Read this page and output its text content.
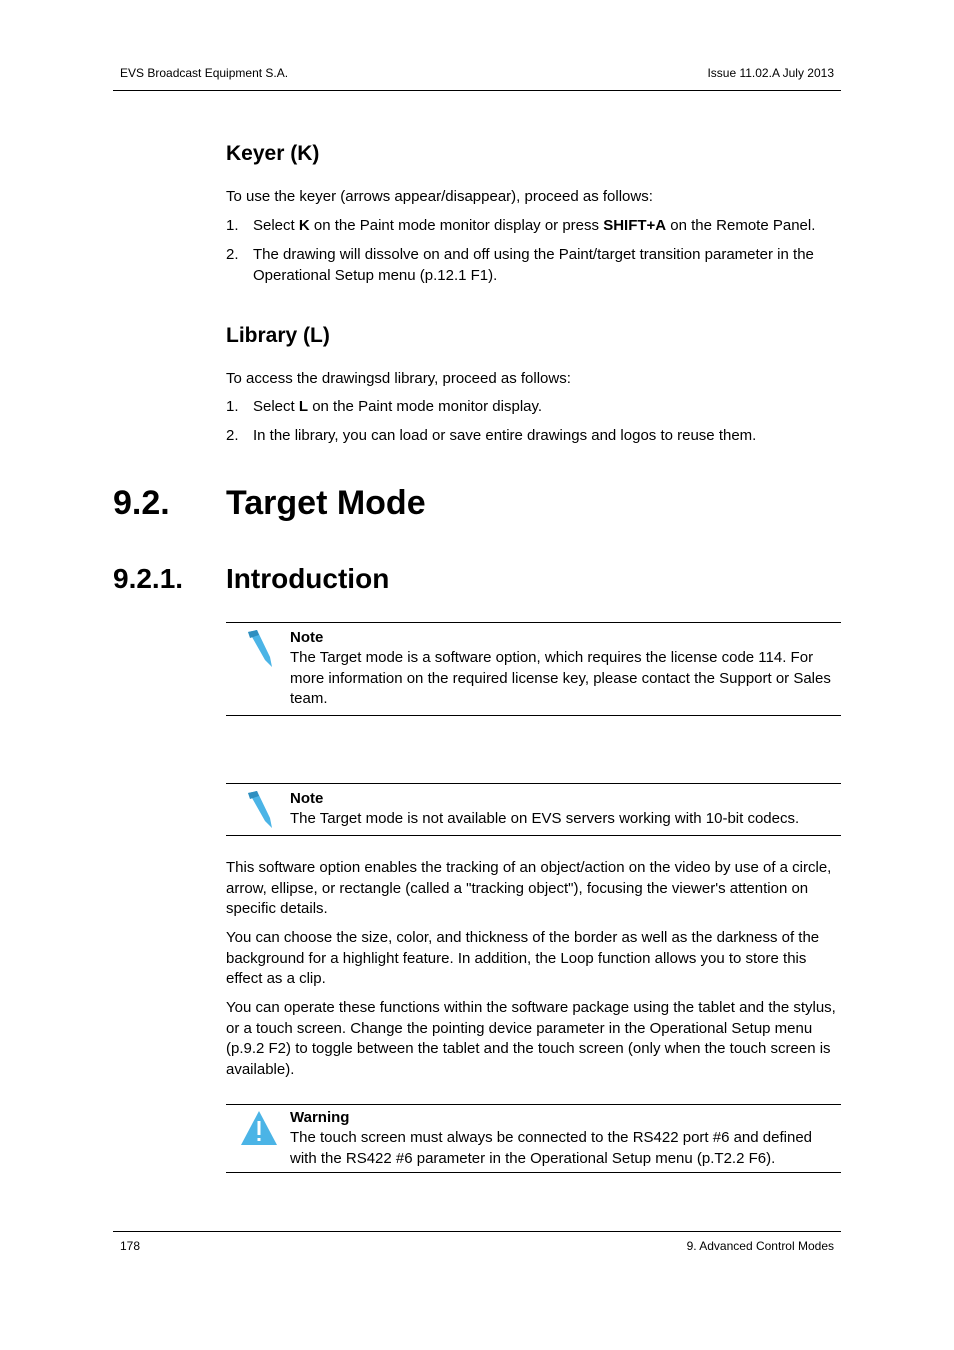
EVS Broadcast Equipment S.A.	Issue 11.02.A July 2013
Keyer (K)
To use the keyer (arrows appear/disappear), proceed as follows:
1. Select K on the Paint mode monitor display or press SHIFT+A on the Remote Panel.
2. The drawing will dissolve on and off using the Paint/target transition parameter in the Operational Setup menu (p.12.1 F1).
Library (L)
To access the drawingsd library, proceed as follows:
1. Select L on the Paint mode monitor display.
2. In the library, you can load or save entire drawings and logos to reuse them.
9.2. Target Mode
9.2.1. Introduction
Note
The Target mode is a software option, which requires the license code 114. For more information on the required license key, please contact the Support or Sales team.
Note
The Target mode is not available on EVS servers working with 10-bit codecs.
This software option enables the tracking of an object/action on the video by use of a circle, arrow, ellipse, or rectangle (called a "tracking object"), focusing the viewer's attention on specific details.
You can choose the size, color, and thickness of the border as well as the darkness of the background for a highlight feature. In addition, the Loop function allows you to store this effect as a clip.
You can operate these functions within the software package using the tablet and the stylus, or a touch screen. Change the pointing device parameter in the Operational Setup menu (p.9.2 F2) to toggle between the tablet and the touch screen (only when the touch screen is available).
Warning
The touch screen must always be connected to the RS422 port #6 and defined with the RS422 #6 parameter in the Operational Setup menu (p.T2.2 F6).
178	9. Advanced Control Modes
